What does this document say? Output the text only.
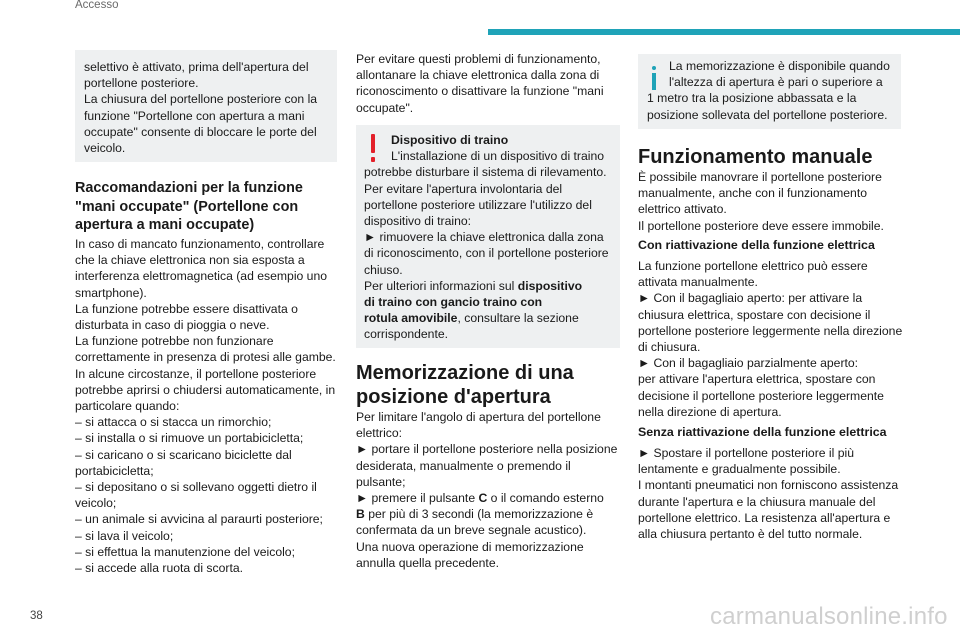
Accesso
selettivo è attivato, prima dell'apertura del
portellone posteriore.
La chiusura del portellone posteriore con la
funzione "Portellone con apertura a mani
occupate" consente di bloccare le porte del
veicolo.
Raccomandazioni per la funzione
"mani occupate" (Portellone con
apertura a mani occupate)
In caso di mancato funzionamento, controllare
che la chiave elettronica non sia esposta a
interferenza elettromagnetica (ad esempio uno
smartphone).
La funzione potrebbe essere disattivata o
disturbata in caso di pioggia o neve.
La funzione potrebbe non funzionare
correttamente in presenza di protesi alle gambe.
In alcune circostanze, il portellone posteriore
potrebbe aprirsi o chiudersi automaticamente, in
particolare quando:
– si attacca o si stacca un rimorchio;
– si installa o si rimuove un portabicicletta;
– si caricano o si scaricano biciclette dal
portabicicletta;
– si depositano o si sollevano oggetti dietro il
veicolo;
– un animale si avvicina al paraurti posteriore;
– si lava il veicolo;
– si effettua la manutenzione del veicolo;
– si accede alla ruota di scorta.
Per evitare questi problemi di funzionamento,
allontanare la chiave elettronica dalla zona di
riconoscimento o disattivare la funzione "mani
occupate".
Dispositivo di traino
L'installazione di un dispositivo di traino
potrebbe disturbare il sistema di rilevamento.
Per evitare l'apertura involontaria del
portellone posteriore utilizzare l'utilizzo del
dispositivo di traino:
► rimuovere la chiave elettronica dalla zona
di riconoscimento, con il portellone posteriore
chiuso.
Per ulteriori informazioni sul dispositivo
di traino con gancio traino con
rotula amovibile, consultare la sezione
corrispondente.
Memorizzazione di una
posizione d'apertura
Per limitare l'angolo di apertura del portellone
elettrico:
► portare il portellone posteriore nella posizione
desiderata, manualmente o premendo il
pulsante;
► premere il pulsante C o il comando esterno
B per più di 3 secondi (la memorizzazione è
confermata da un breve segnale acustico).
Una nuova operazione di memorizzazione
annulla quella precedente.
La memorizzazione è disponibile quando
l'altezza di apertura è pari o superiore a
1 metro tra la posizione abbassata e la
posizione sollevata del portellone posteriore.
Funzionamento manuale
È possibile manovrare il portellone posteriore
manualmente, anche con il funzionamento
elettrico attivato.
Il portellone posteriore deve essere immobile.
Con riattivazione della funzione elettrica
La funzione portellone elettrico può essere
attivata manualmente.
► Con il bagagliaio aperto: per attivare la
chiusura elettrica, spostare con decisione il
portellone posteriore leggermente nella direzione
di chiusura.
► Con il bagagliaio parzialmente aperto:
per attivare l'apertura elettrica, spostare con
decisione il portellone posteriore leggermente
nella direzione di apertura.
Senza riattivazione della funzione elettrica
► Spostare il portellone posteriore il più
lentamente e gradualmente possibile.
I montanti pneumatici non forniscono assistenza
durante l'apertura e la chiusura manuale del
portellone elettrico. La resistenza all'apertura e
alla chiusura pertanto è del tutto normale.
38	carmanualsonline.info
